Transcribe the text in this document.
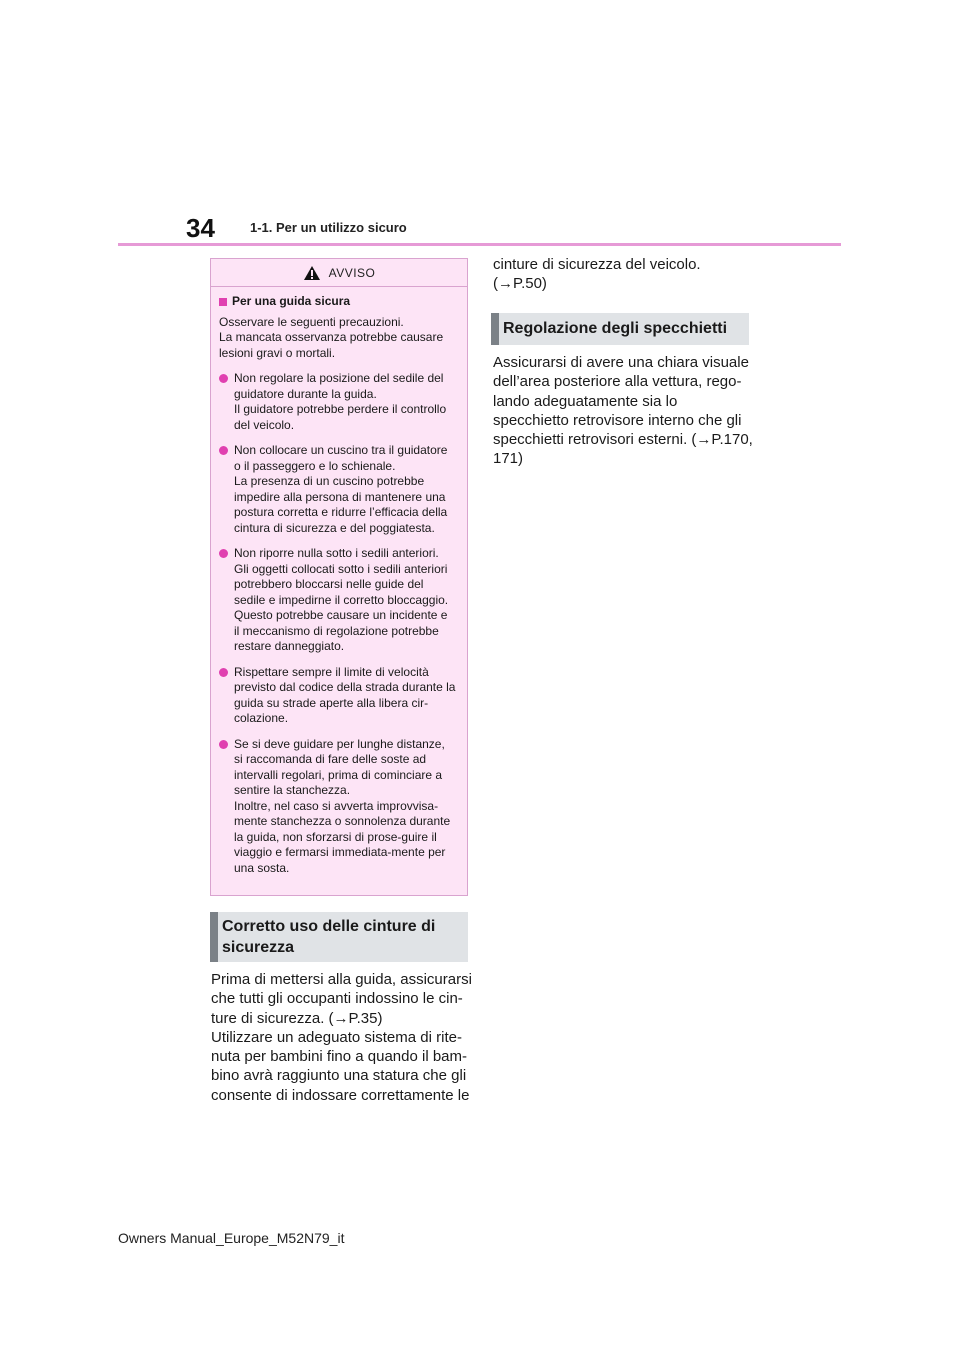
34	1-1. Per un utilizzo sicuro
AVVISO
Per una guida sicura

Osservare le seguenti precauzioni.
La mancata osservanza potrebbe causare lesioni gravi o mortali.

Non regolare la posizione del sedile del guidatore durante la guida.
Il guidatore potrebbe perdere il controllo del veicolo.
Non collocare un cuscino tra il guidatore o il passeggero e lo schienale.
La presenza di un cuscino potrebbe impedire alla persona di mantenere una postura corretta e ridurre l’efficacia della cintura di sicurezza e del poggiatesta.
Non riporre nulla sotto i sedili anteriori. Gli oggetti collocati sotto i sedili anteriori potrebbero bloccarsi nelle guide del sedile e impedirne il corretto bloccaggio. Questo potrebbe causare un incidente e il meccanismo di regolazione potrebbe restare danneggiato.
Rispettare sempre il limite di velocità previsto dal codice della strada durante la guida su strade aperte alla libera cir-colazione.
Se si deve guidare per lunghe distanze, si raccomanda di fare delle soste ad intervalli regolari, prima di cominciare a sentire la stanchezza.
Inoltre, nel caso si avverta improvvisa-mente stanchezza o sonnolenza durante la guida, non sforzarsi di prose-guire il viaggio e fermarsi immediata-mente per una sosta.
Corretto uso delle cinture di sicurezza

Prima di mettersi alla guida, assicurarsi che tutti gli occupanti indossino le cin-ture di sicurezza. (→P.35)

Utilizzare un adeguato sistema di rite-nuta per bambini fino a quando il bam-bino avrà raggiunto una statura che gli consente di indossare correttamente le

cinture di sicurezza del veicolo. (→P.50)
Regolazione degli specchietti
Assicurarsi di avere una chiara visuale dell’area posteriore alla vettura, rego-lando adeguatamente sia lo specchietto retrovisore interno che gli specchietti retrovisori esterni. (→P.170, 171)
Owners Manual_Europe_M52N79_it
